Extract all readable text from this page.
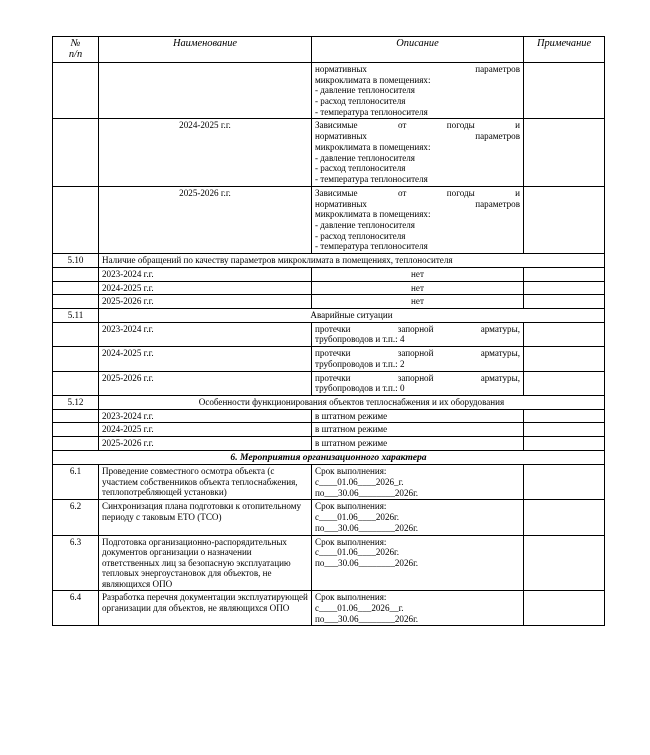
№
п/п	Наименование	Описание	Примечание

		нормативных параметров
микроклимата в помещениях:
- давление теплоносителя
- расход теплоносителя
- температура теплоносителя	

	2024-2025 г.г.	Зависимые от погоды и
нормативных параметров
микроклимата в помещениях:
- давление теплоносителя
- расход теплоносителя
- температура теплоносителя

	2025-2026 г.г.	Зависимые от погоды и
нормативных параметров
микроклимата в помещениях:
- давление теплоносителя
- расход теплоносителя
- температура теплоносителя

5.10	Наличие обращений по качеству параметров микроклимата в помещениях, теплоносителя		
	2023-2024 г.г.	нет	
	2024-2025 г.г.	нет	
	2025-2026 г.г.	нет	
5.11	Аварийные ситуации		
	2023-2024 г.г.	протечки запорной арматуры,
трубопроводов и т.п.: 4	

	2024-2025 г.г.	протечки запорной арматуры,
трубопроводов и т.п.: 2	

	2025-2026 г.г.	протечки запорной арматуры,
трубопроводов и т.п.: 0	

5.12	Особенности функционирования объектов теплоснабжения и их оборудования		
	2023-2024 г.г.	в штатном режиме	
	2024-2025 г.г.	в штатном режиме	
	2025-2026 г.г.	в штатном режиме	
6. Мероприятия организационного характера			
6.1	Проведение совместного осмотра объекта (с участием собственников объекта теплоснабжения, теплопотребляющей установки)	Срок выполнения:
с____01.06____2026_г.
по___30.06________2026г.	

6.2	Синхронизация плана подготовки к отопительному периоду с таковым ЕТО (ТСО)	Срок выполнения:
с____01.06____2026г.
по___30.06________2026г.	

6.3	Подготовка организационно-распорядительных документов организации о назначении ответственных лиц за безопасную эксплуатацию тепловых энергоустановок для объектов, не являющихся ОПО	Срок выполнения:
с____01.06____2026г.
по___30.06________2026г.	

6.4	Разработка перечня документации эксплуатирующей организации для объектов, не являющихся ОПО	Срок выполнения:
с____01.06___2026__г.
по___30.06________2026г.	
